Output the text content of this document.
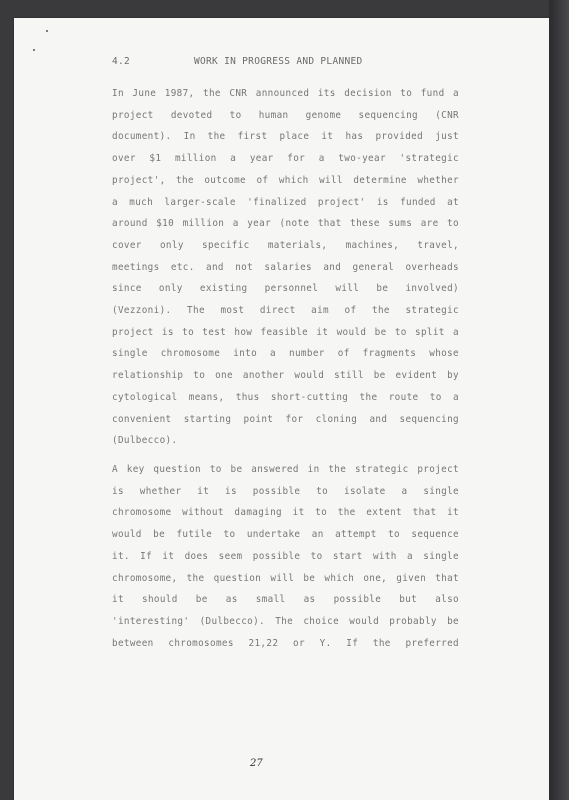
4.2	WORK IN PROGRESS AND PLANNED
In June 1987, the CNR announced its decision to fund a
project devoted to human genome sequencing (CNR
document). In the first place it has provided just
over $1 million a year for a two-year 'strategic
project', the outcome of which will determine whether
a much larger-scale 'finalized project' is funded at
around $10 million a year (note that these sums are to
cover only specific materials, machines, travel,
meetings etc. and not salaries and general overheads
since only existing personnel will be involved)
(Vezzoni). The most direct aim of the strategic
project is to test how feasible it would be to split a
single chromosome into a number of fragments whose
relationship to one another would still be evident by
cytological means, thus short-cutting the route to a
convenient starting point for cloning and sequencing
(Dulbecco).
A key question to be answered in the strategic project
is whether it is possible to isolate a single
chromosome without damaging it to the extent that it
would be futile to undertake an attempt to sequence
it. If it does seem possible to start with a single
chromosome, the question will be which one, given that
it should be as small as possible but also
'interesting' (Dulbecco). The choice would probably be
between chromosomes 21,22 or Y. If the preferred
27
